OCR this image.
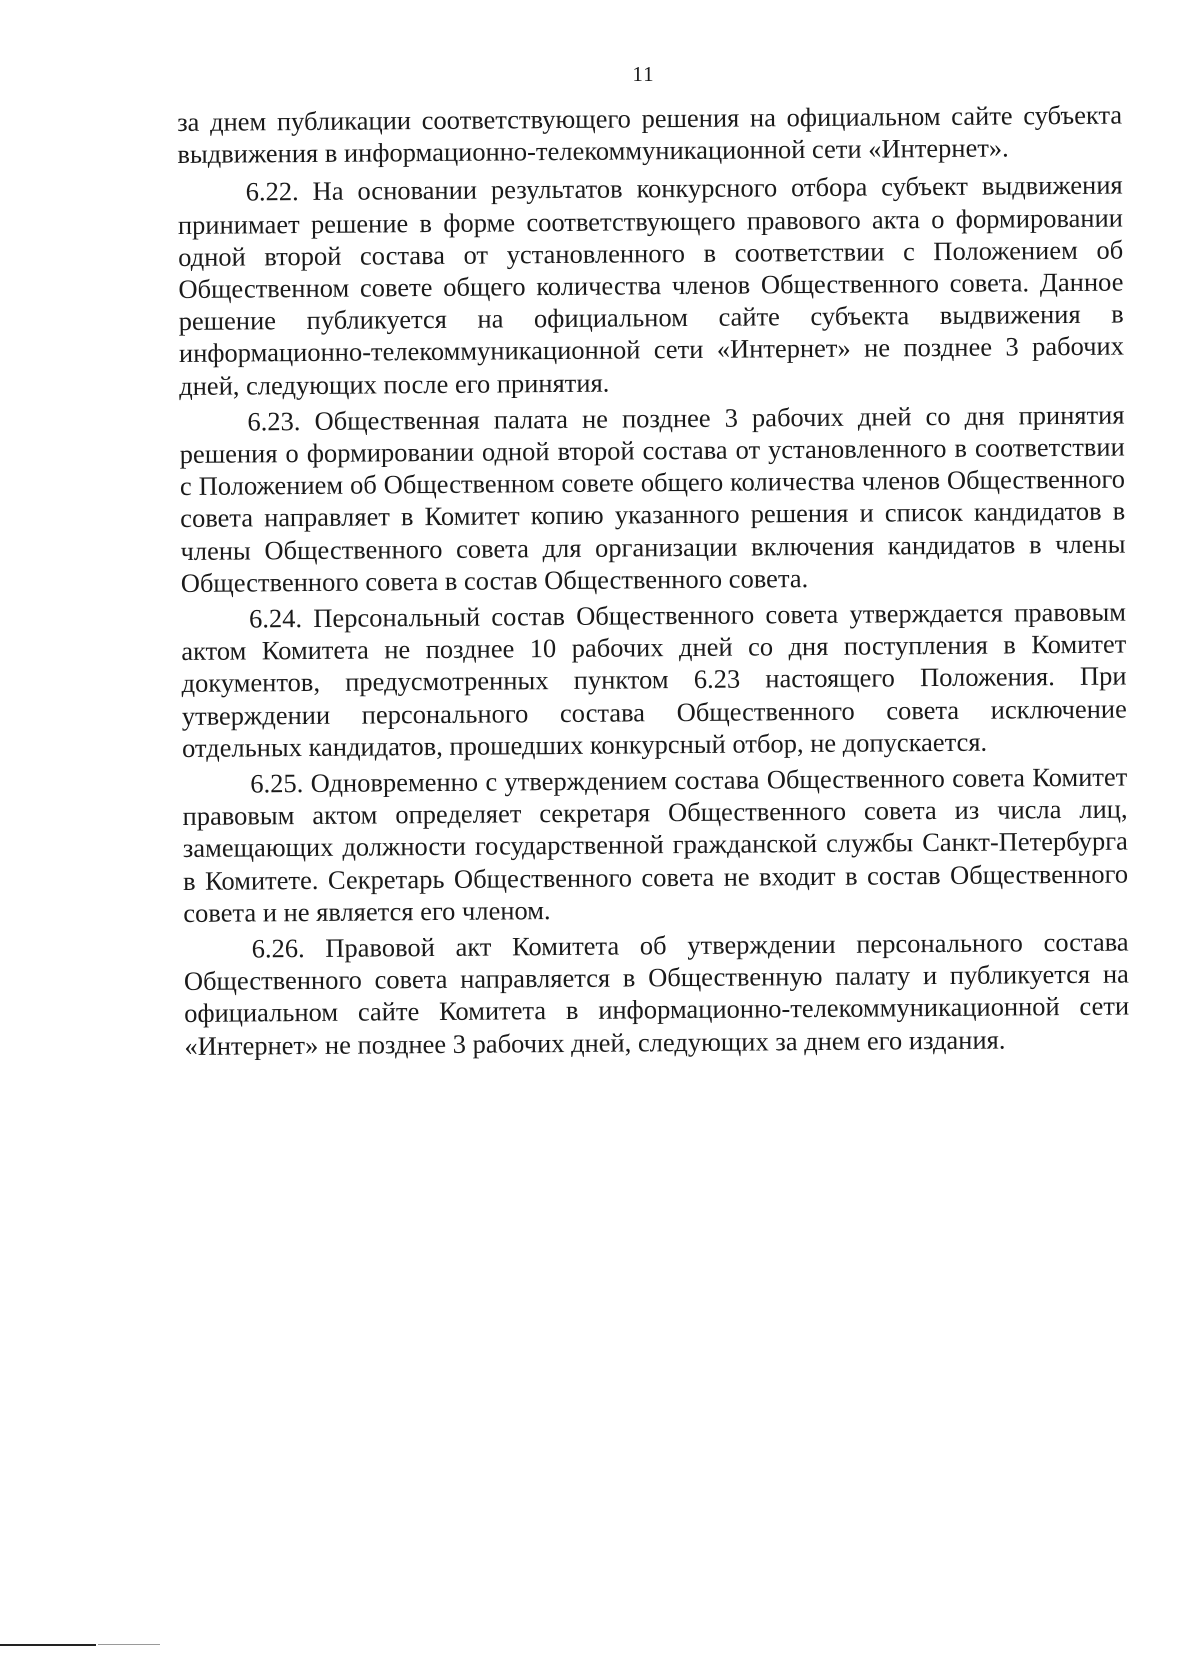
11

за днем публикации соответствующего решения на официальном сайте субъекта выдвижения в информационно-телекоммуникационной сети «Интернет».

6.22. На основании результатов конкурсного отбора субъект выдвижения принимает решение в форме соответствующего правового акта о формировании одной второй состава от установленного в соответствии с Положением об Общественном совете общего количества членов Общественного совета. Данное решение публикуется на официальном сайте субъекта выдвижения в информационно-телекоммуникационной сети «Интернет» не позднее 3 рабочих дней, следующих после его принятия.

6.23. Общественная палата не позднее 3 рабочих дней со дня принятия решения о формировании одной второй состава от установленного в соответствии с Положением об Общественном совете общего количества членов Общественного совета направляет в Комитет копию указанного решения и список кандидатов в члены Общественного совета для организации включения кандидатов в члены Общественного совета в состав Общественного совета.

6.24. Персональный состав Общественного совета утверждается правовым актом Комитета не позднее 10 рабочих дней со дня поступления в Комитет документов, предусмотренных пунктом 6.23 настоящего Положения. При утверждении персонального состава Общественного совета исключение отдельных кандидатов, прошедших конкурсный отбор, не допускается.

6.25. Одновременно с утверждением состава Общественного совета Комитет правовым актом определяет секретаря Общественного совета из числа лиц, замещающих должности государственной гражданской службы Санкт-Петербурга в Комитете. Секретарь Общественного совета не входит в состав Общественного совета и не является его членом.

6.26. Правовой акт Комитета об утверждении персонального состава Общественного совета направляется в Общественную палату и публикуется на официальном сайте Комитета в информационно-телекоммуникационной сети «Интернет» не позднее 3 рабочих дней, следующих за днем его издания.
